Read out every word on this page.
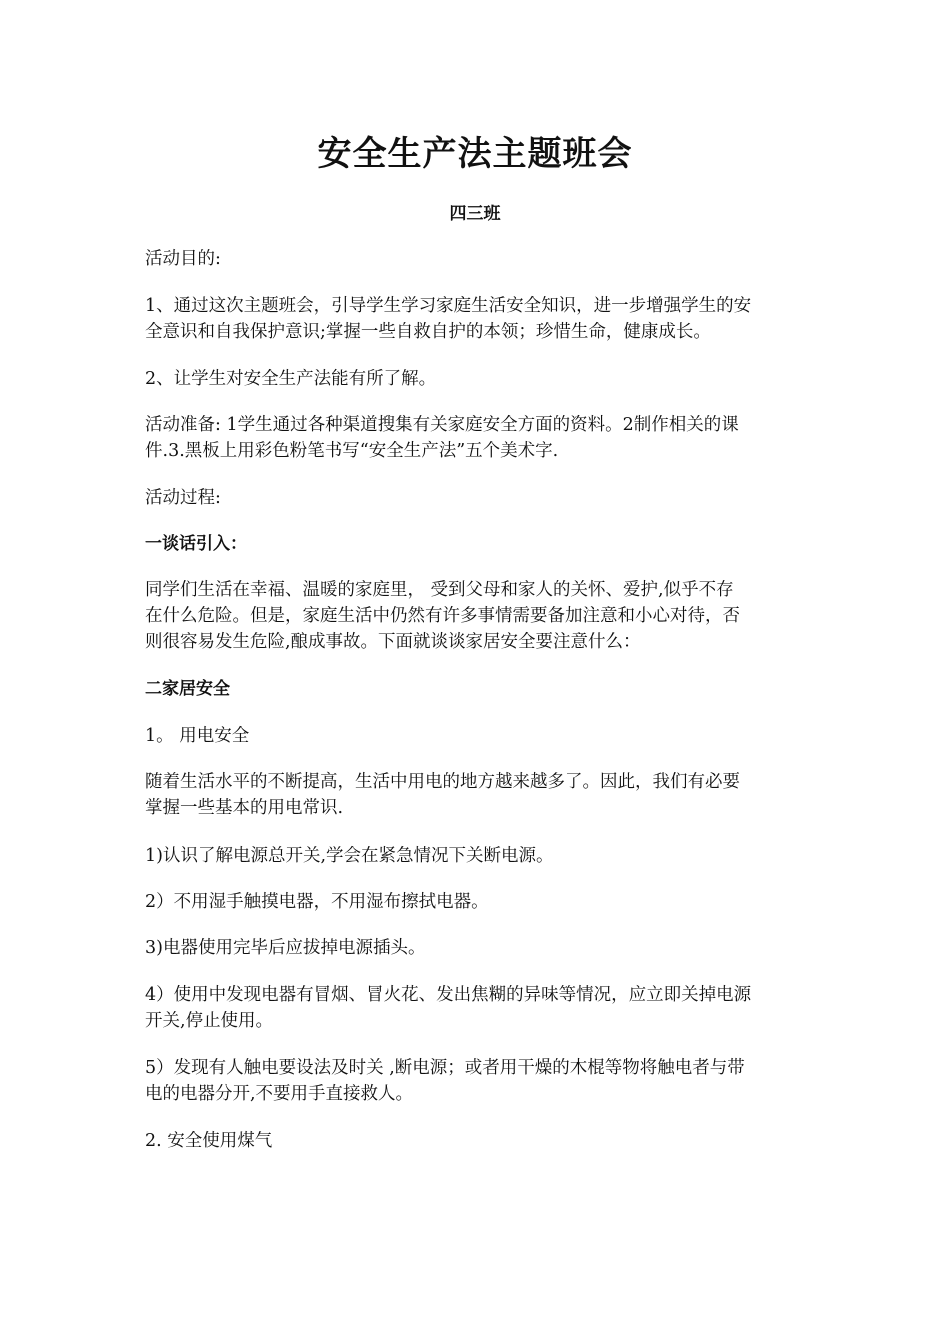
安全生产法主题班会
四三班

活动目的:

1、通过这次主题班会，引导学生学习家庭生活安全知识，进一步增强学生的安
全意识和自我保护意识;掌握一些自救自护的本领；珍惜生命，健康成长。

2、让学生对安全生产法能有所了解。

活动准备: 1学生通过各种渠道搜集有关家庭安全方面的资料。2制作相关的课
件.3.黑板上用彩色粉笔书写“安全生产法”五个美术字.

活动过程:

一谈话引入：

同学们生活在幸福、温暖的家庭里， 受到父母和家人的关怀、爱护,似乎不存
在什么危险。但是，家庭生活中仍然有许多事情需要备加注意和小心对待，否
则很容易发生危险,酿成事故。下面就谈谈家居安全要注意什么：

二家居安全

1。 用电安全

随着生活水平的不断提高，生活中用电的地方越来越多了。因此，我们有必要
掌握一些基本的用电常识.

1)认识了解电源总开关,学会在紧急情况下关断电源。

2）不用湿手触摸电器，不用湿布擦拭电器。

3)电器使用完毕后应拔掉电源插头。

4）使用中发现电器有冒烟、冒火花、发出焦糊的异味等情况，应立即关掉电源
开关,停止使用。

5）发现有人触电要设法及时关 ,断电源；或者用干燥的木棍等物将触电者与带
电的电器分开,不要用手直接救人。

2. 安全使用煤气
